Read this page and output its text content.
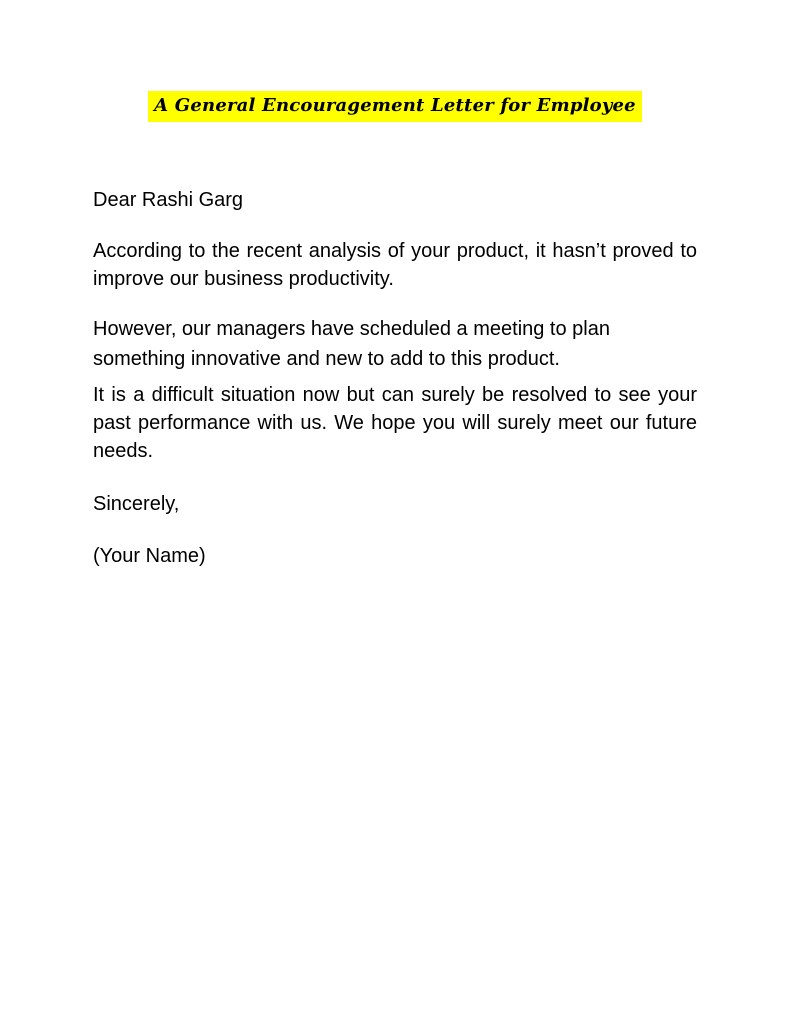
A General Encouragement Letter for Employee

Dear Rashi Garg

According to the recent analysis of your product, it hasn’t proved to improve our business productivity.

However, our managers have scheduled a meeting to plan
something innovative and new to add to this product.

It is a difficult situation now but can surely be resolved to see your past performance with us. We hope you will surely meet our future needs.

Sincerely,

(Your Name)
